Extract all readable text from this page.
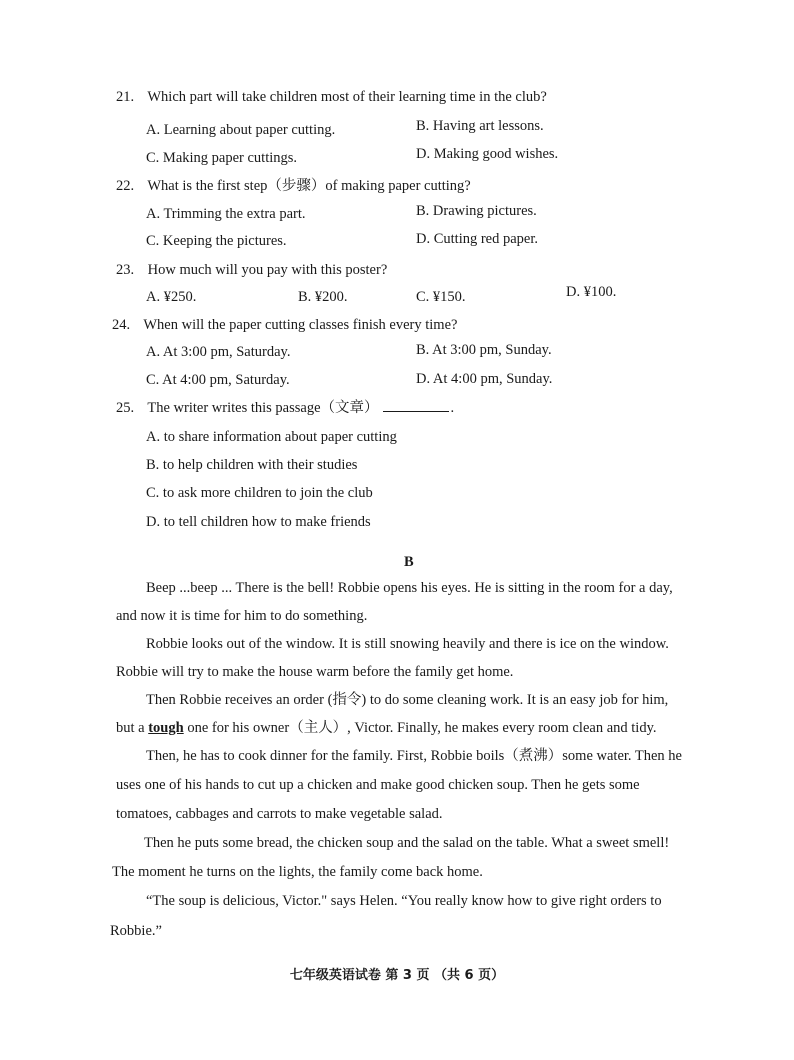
21. Which part will take children most of their learning time in the club?
A. Learning about paper cutting.	B. Having art lessons.
C. Making paper cuttings.	D. Making good wishes.
22. What is the first step（步骤）of making paper cutting?
A. Trimming the extra part.	B. Drawing pictures.
C. Keeping the pictures.	D. Cutting red paper.
23. How much will you pay with this poster?
A. ¥250.	B. ¥200.	C. ¥150.	D. ¥100.
24. When will the paper cutting classes finish every time?
A. At 3:00 pm, Saturday.	B. At 3:00 pm, Sunday.
C. At 4:00 pm, Saturday.	D. At 4:00 pm, Sunday.
25. The writer writes this passage（文章）	.
A. to share information about paper cutting
B. to help children with their studies
C. to ask more children to join the club
D. to tell children how to make friends
B
Beep ...beep ... There is the bell! Robbie opens his eyes. He is sitting in the room for a day,
and now it is time for him to do something.
Robbie looks out of the window. It is still snowing heavily and there is ice on the window.
Robbie will try to make the house warm before the family get home.
Then Robbie receives an order (指令) to do some cleaning work. It is an easy job for him,
but a tough one for his owner（主人）, Victor. Finally, he makes every room clean and tidy.
Then, he has to cook dinner for the family. First, Robbie boils（煮沸）some water. Then he
uses one of his hands to cut up a chicken and make good chicken soup. Then he gets some
tomatoes, cabbages and carrots to make vegetable salad.
Then he puts some bread, the chicken soup and the salad on the table. What a sweet smell!
The moment he turns on the lights, the family come back home.
“The soup is delicious, Victor." says Helen. “You really know how to give right orders to
Robbie.”
七年级英语试卷 第 3 页 （共 6 页）
